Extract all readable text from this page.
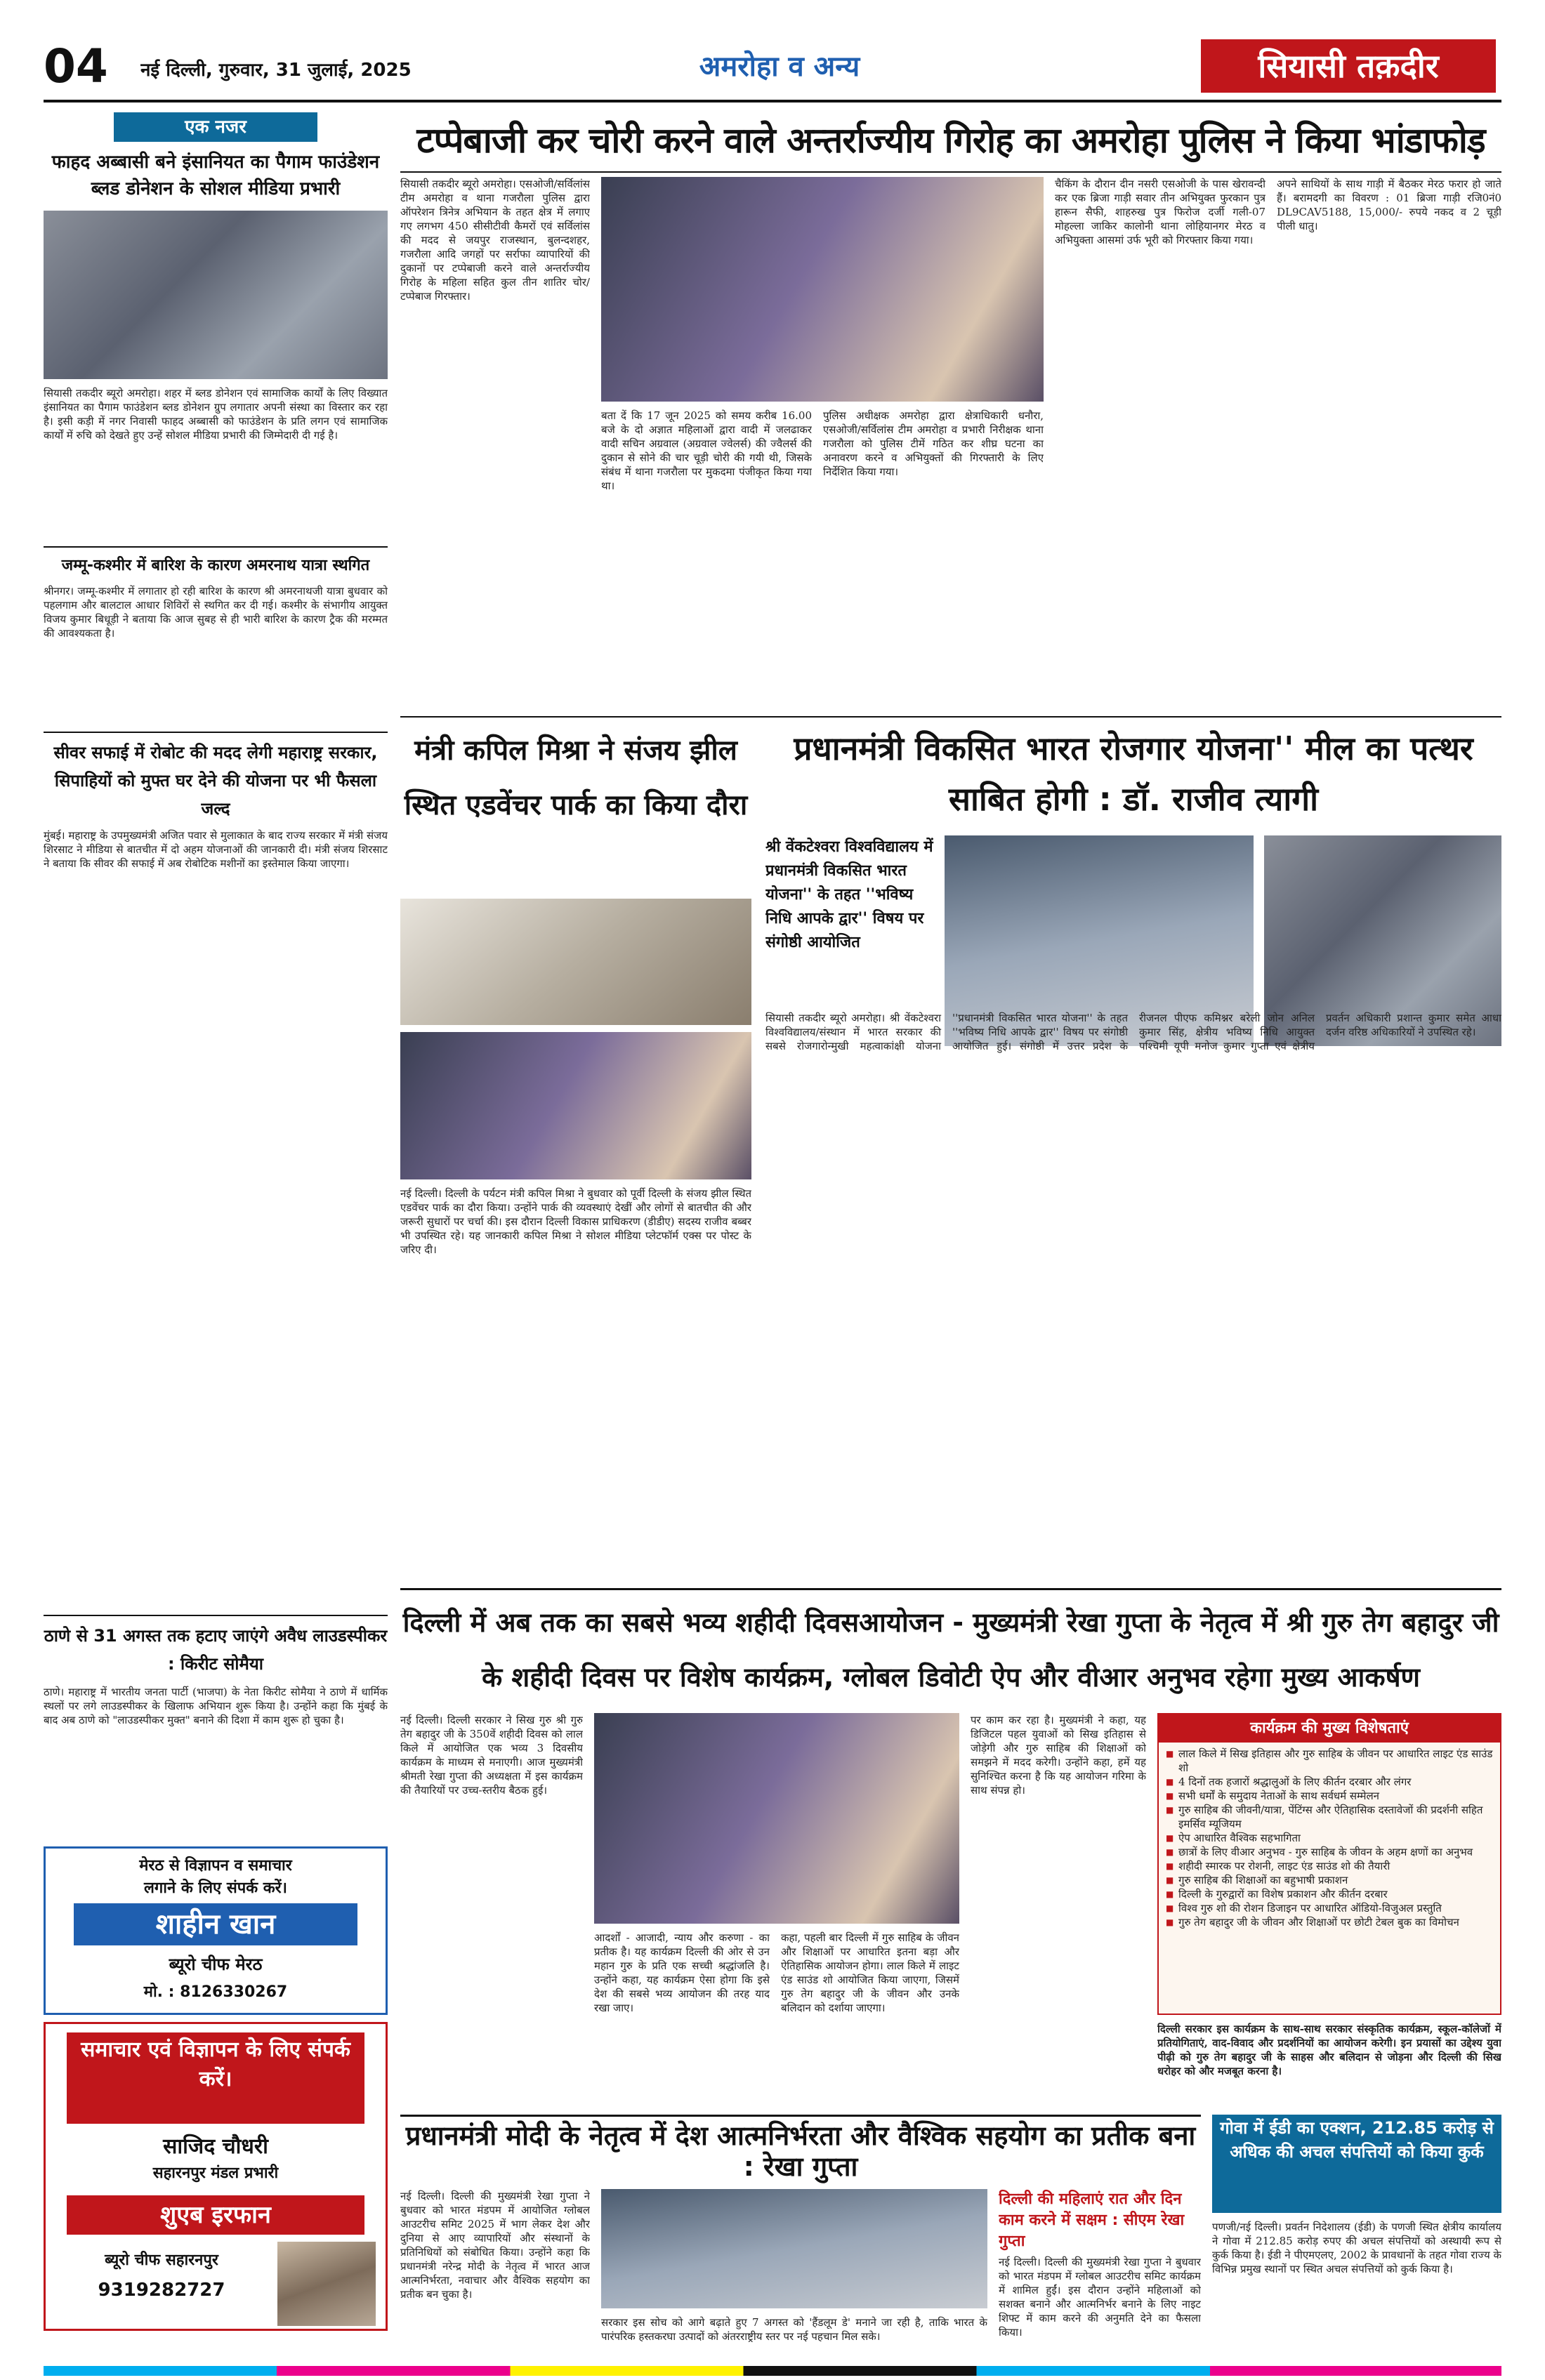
04	नई दिल्ली, गुरुवार, 31 जुलाई, 2025	अमरोहा व अन्य	सियासी तक़दीर
एक नजर
फाहद अब्बासी बने इंसानियत का पैगाम फाउंडेशन ब्लड डोनेशन के सोशल मीडिया प्रभारी
सियासी तकदीर ब्यूरो अमरोहा। शहर में ब्लड डोनेशन एवं सामाजिक कार्यों के लिए विख्यात इंसानियत का पैगाम फाउंडेशन ब्लड डोनेशन ग्रुप लगातार अपनी संस्था का विस्तार कर रहा है। इसी कड़ी में नगर निवासी फाहद अब्बासी को फाउंडेशन के प्रति लगन एवं सामाजिक कार्यों में रुचि को देखते हुए उन्हें सोशल मीडिया प्रभारी की जिम्मेदारी दी गई है।
जम्मू-कश्मीर में बारिश के कारण अमरनाथ यात्रा स्थगित
श्रीनगर। जम्मू-कश्मीर में लगातार हो रही बारिश के कारण श्री अमरनाथजी यात्रा बुधवार को पहलगाम और बालटाल आधार शिविरों से स्थगित कर दी गई। कश्मीर के संभागीय आयुक्त विजय कुमार बिधूड़ी ने बताया कि आज सुबह से ही भारी बारिश के कारण ट्रैक की मरम्मत की आवश्यकता है।
सीवर सफाई में रोबोट की मदद लेगी महाराष्ट्र सरकार, सिपाहियों को मुफ्त घर देने की योजना पर भी फैसला जल्द
मुंबई। महाराष्ट्र के उपमुख्यमंत्री अजित पवार से मुलाकात के बाद राज्य सरकार में मंत्री संजय शिरसाट ने मीडिया से बातचीत में दो अहम योजनाओं की जानकारी दी। मंत्री संजय शिरसाट ने बताया कि सीवर की सफाई में अब रोबोटिक मशीनों का इस्तेमाल किया जाएगा।
ठाणे से 31 अगस्त तक हटाए जाएंगे अवैध लाउडस्पीकर : किरीट सोमैया
ठाणे। महाराष्ट्र में भारतीय जनता पार्टी (भाजपा) के नेता किरीट सोमैया ने ठाणे में धार्मिक स्थलों पर लगे लाउडस्पीकर के खिलाफ अभियान शुरू किया है। उन्होंने कहा कि मुंबई के बाद अब ठाणे को "लाउडस्पीकर मुक्त" बनाने की दिशा में काम शुरू हो चुका है।
मेरठ से विज्ञापन व समाचार
लगाने के लिए संपर्क करें।
शाहीन खान
ब्यूरो चीफ मेरठ
मो. : 8126330267
समाचार एवं विज्ञापन के लिए संपर्क करें।
साजिद चौधरी
सहारनपुर मंडल प्रभारी
शुएब इरफान
ब्यूरो चीफ सहारनपुर
9319282727
टप्पेबाजी कर चोरी करने वाले अन्तर्राज्यीय गिरोह का अमरोहा पुलिस ने किया भांडाफोड़
सियासी तकदीर ब्यूरो अमरोहा। एसओजी/सर्विलांस टीम अमरोहा व थाना गजरौला पुलिस द्वारा ऑपरेशन त्रिनेत्र अभियान के तहत क्षेत्र में लगाए गए लगभग 450 सीसीटीवी कैमरों एवं सर्विलांस की मदद से जयपुर राजस्थान, बुलन्दशहर, गजरौला आदि जगहों पर सर्राफा व्यापारियों की दुकानों पर टप्पेबाजी करने वाले अन्तर्राज्यीय गिरोह के महिला सहित कुल तीन शातिर चोर/टप्पेबाज गिरफ्तार।
बता दें कि 17 जून 2025 को समय करीब 16.00 बजे के दो अज्ञात महिलाओं द्वारा वादी में जलढाकर वादी सचिन अग्रवाल (अग्रवाल ज्वेलर्स) की ज्वैलर्स की दुकान से सोने की चार चूड़ी चोरी की गयी थी, जिसके संबंध में थाना गजरौला पर मुकदमा पंजीकृत किया गया था।
पुलिस अधीक्षक अमरोहा द्वारा क्षेत्राधिकारी धनौरा, एसओजी/सर्विलांस टीम अमरोहा व प्रभारी निरीक्षक थाना गजरौला को पुलिस टीमें गठित कर शीघ्र घटना का अनावरण करने व अभियुक्तों की गिरफ्तारी के लिए निर्देशित किया गया।
चैकिंग के दौरान दीन नसरी एसओजी के पास खेरावन्दी कर एक ब्रिजा गाड़ी सवार तीन अभियुक्त फुरकान पुत्र हारून सैफी, शाहरुख पुत्र फिरोज दर्जी गली-07 मोहल्ला जाकिर कालोनी थाना लोहियानगर मेरठ व अभियुक्ता आसमां उर्फ भूरी को गिरफ्तार किया गया।
अपने साथियों के साथ गाड़ी में बैठकर मेरठ फरार हो जाते हैं। बरामदगी का विवरण : 01 ब्रिजा गाड़ी रजि0नं0 DL9CAV5188, 15,000/- रुपये नकद व 2 चूड़ी पीली धातु।
मंत्री कपिल मिश्रा ने संजय झील स्थित एडवेंचर पार्क का किया दौरा
नई दिल्ली। दिल्ली के पर्यटन मंत्री कपिल मिश्रा ने बुधवार को पूर्वी दिल्ली के संजय झील स्थित एडवेंचर पार्क का दौरा किया। उन्होंने पार्क की व्यवस्थाएं देखीं और लोगों से बातचीत की और जरूरी सुधारों पर चर्चा की। इस दौरान दिल्ली विकास प्राधिकरण (डीडीए) सदस्य राजीव बब्बर भी उपस्थित रहे। यह जानकारी कपिल मिश्रा ने सोशल मीडिया प्लेटफॉर्म एक्स पर पोस्ट के जरिए दी।
प्रधानमंत्री विकसित भारत रोजगार योजना'' मील का पत्थर साबित होगी : डॉ. राजीव त्यागी
श्री वेंकटेश्वरा विश्वविद्यालय में प्रधानमंत्री विकसित भारत योजना'' के तहत ''भविष्य निधि आपके द्वार'' विषय पर संगोष्ठी आयोजित
सियासी तकदीर ब्यूरो अमरोहा। श्री वेंकटेश्वरा विश्वविद्यालय/संस्थान में भारत सरकार की सबसे रोजगारोन्मुखी महत्वाकांक्षी योजना ''प्रधानमंत्री विकसित भारत योजना'' के तहत ''भविष्य निधि आपके द्वार'' विषय पर संगोष्ठी आयोजित हुई। संगोष्ठी में उत्तर प्रदेश के रीजनल पीएफ कमिश्नर बरेली जोन अनिल कुमार सिंह, क्षेत्रीय भविष्य निधि आयुक्त पश्चिमी यूपी मनोज कुमार गुप्ता एवं क्षेत्रीय प्रवर्तन अधिकारी प्रशान्त कुमार समेत आधा दर्जन वरिष्ठ अधिकारियों ने उपस्थित रहे।
दिल्ली में अब तक का सबसे भव्य शहीदी दिवसआयोजन - मुख्यमंत्री रेखा गुप्ता के नेतृत्व में श्री गुरु तेग बहादुर जी के शहीदी दिवस पर विशेष कार्यक्रम, ग्लोबल डिवोटी ऐप और वीआर अनुभव रहेगा मुख्य आकर्षण
नई दिल्ली। दिल्ली सरकार ने सिख गुरु श्री गुरु तेग बहादुर जी के 350वें शहीदी दिवस को लाल किले में आयोजित एक भव्य 3 दिवसीय कार्यक्रम के माध्यम से मनाएगी। आज मुख्यमंत्री श्रीमती रेखा गुप्ता की अध्यक्षता में इस कार्यक्रम की तैयारियों पर उच्च-स्तरीय बैठक हुई।
आदर्शों - आजादी, न्याय और करुणा - का प्रतीक है। यह कार्यक्रम दिल्ली की ओर से उन महान गुरु के प्रति एक सच्ची श्रद्धांजलि है। उन्होंने कहा, यह कार्यक्रम ऐसा होगा कि इसे देश की सबसे भव्य आयोजन की तरह याद रखा जाए।
कहा, पहली बार दिल्ली में गुरु साहिब के जीवन और शिक्षाओं पर आधारित इतना बड़ा और ऐतिहासिक आयोजन होगा। लाल किले में लाइट एंड साउंड शो आयोजित किया जाएगा, जिसमें गुरु तेग बहादुर जी के जीवन और उनके बलिदान को दर्शाया जाएगा।
पर काम कर रहा है। मुख्यमंत्री ने कहा, यह डिजिटल पहल युवाओं को सिख इतिहास से जोड़ेगी और गुरु साहिब की शिक्षाओं को समझने में मदद करेगी। उन्होंने कहा, हमें यह सुनिश्चित करना है कि यह आयोजन गरिमा के साथ संपन्न हो।
कार्यक्रम की मुख्य विशेषताएं
■ लाल किले में सिख इतिहास और गुरु साहिब के जीवन पर आधारित लाइट एंड साउंड शो
■ 4 दिनों तक हजारों श्रद्धालुओं के लिए कीर्तन दरबार और लंगर
■ सभी धर्मों के समुदाय नेताओं के साथ सर्वधर्म सम्मेलन
■ गुरु साहिब की जीवनी/यात्रा, पेंटिंग्स और ऐतिहासिक दस्तावेजों की प्रदर्शनी सहित इमर्सिव म्यूजियम
■ ऐप आधारित वैश्विक सहभागिता
■ छात्रों के लिए वीआर अनुभव - गुरु साहिब के जीवन के अहम क्षणों का अनुभव
■ शहीदी स्मारक पर रोशनी, लाइट एंड साउंड शो की तैयारी
■ गुरु साहिब की शिक्षाओं का बहुभाषी प्रकाशन
■ दिल्ली के गुरुद्वारों का विशेष प्रकाशन और कीर्तन दरबार
■ विश्व गुरु शो की रोशन डिजाइन पर आधारित ऑडियो-विजुअल प्रस्तुति
■ गुरु तेग बहादुर जी के जीवन और शिक्षाओं पर छोटी टेबल बुक का विमोचन
दिल्ली सरकार इस कार्यक्रम के साथ-साथ सरकार संस्कृतिक कार्यक्रम, स्कूल-कॉलेजों में प्रतियोगिताएं, वाद-विवाद और प्रदर्शनियों का आयोजन करेगी। इन प्रयासों का उद्देश्य युवा पीढ़ी को गुरु तेग बहादुर जी के साहस और बलिदान से जोड़ना और दिल्ली की सिख धरोहर को और मजबूत करना है।
प्रधानमंत्री मोदी के नेतृत्व में देश आत्मनिर्भरता और वैश्विक सहयोग का प्रतीक बना : रेखा गुप्ता
नई दिल्ली। दिल्ली की मुख्यमंत्री रेखा गुप्ता ने बुधवार को भारत मंडपम में आयोजित ग्लोबल आउटरीच समिट 2025 में भाग लेकर देश और दुनिया से आए व्यापारियों और संस्थानों के प्रतिनिधियों को संबोधित किया। उन्होंने कहा कि प्रधानमंत्री नरेन्द्र मोदी के नेतृत्व में भारत आज आत्मनिर्भरता, नवाचार और वैश्विक सहयोग का प्रतीक बन चुका है।
सरकार इस सोच को आगे बढ़ाते हुए 7 अगस्त को 'हैंडलूम डे' मनाने जा रही है, ताकि भारत के पारंपरिक हस्तकरघा उत्पादों को अंतरराष्ट्रीय स्तर पर नई पहचान मिल सके।
दिल्ली की महिलाएं रात और दिन काम करने में सक्षम : सीएम रेखा गुप्ता
नई दिल्ली। दिल्ली की मुख्यमंत्री रेखा गुप्ता ने बुधवार को भारत मंडपम में ग्लोबल आउटरीच समिट कार्यक्रम में शामिल हुईं। इस दौरान उन्होंने महिलाओं को सशक्त बनाने और आत्मनिर्भर बनाने के लिए नाइट शिफ्ट में काम करने की अनुमति देने का फैसला किया।
गोवा में ईडी का एक्शन, 212.85 करोड़ से अधिक की अचल संपत्तियों को किया कुर्क
पणजी/नई दिल्ली। प्रवर्तन निदेशालय (ईडी) के पणजी स्थित क्षेत्रीय कार्यालय ने गोवा में 212.85 करोड़ रुपए की अचल संपत्तियों को अस्थायी रूप से कुर्क किया है। ईडी ने पीएमएलए, 2002 के प्रावधानों के तहत गोवा राज्य के विभिन्न प्रमुख स्थानों पर स्थित अचल संपत्तियों को कुर्क किया है।
